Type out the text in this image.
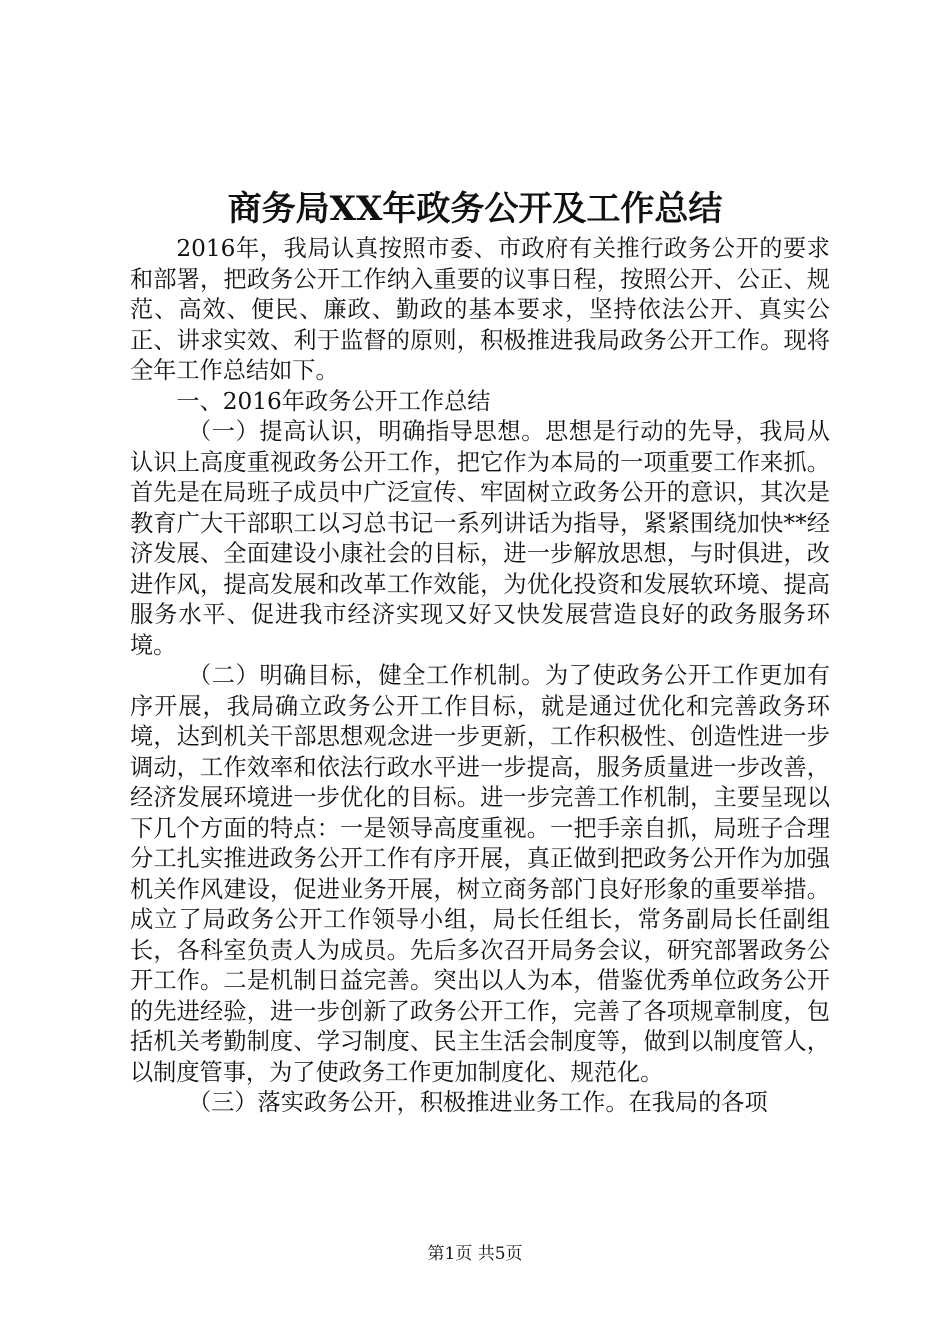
商务局XX年政务公开及工作总结

2016年，我局认真按照市委、市政府有关推行政务公开的要求和部署，把政务公开工作纳入重要的议事日程，按照公开、公正、规范、高效、便民、廉政、勤政的基本要求，坚持依法公开、真实公正、讲求实效、利于监督的原则，积极推进我局政务公开工作。现将全年工作总结如下。

一、2016年政务公开工作总结

（一）提高认识，明确指导思想。思想是行动的先导，我局从认识上高度重视政务公开工作，把它作为本局的一项重要工作来抓。首先是在局班子成员中广泛宣传、牢固树立政务公开的意识，其次是教育广大干部职工以习总书记一系列讲话为指导，紧紧围绕加快**经济发展、全面建设小康社会的目标，进一步解放思想，与时俱进，改进作风，提高发展和改革工作效能，为优化投资和发展软环境、提高服务水平、促进我市经济实现又好又快发展营造良好的政务服务环境。

（二）明确目标，健全工作机制。为了使政务公开工作更加有序开展，我局确立政务公开工作目标，就是通过优化和完善政务环境，达到机关干部思想观念进一步更新，工作积极性、创造性进一步调动，工作效率和依法行政水平进一步提高，服务质量进一步改善，经济发展环境进一步优化的目标。进一步完善工作机制，主要呈现以下几个方面的特点：一是领导高度重视。一把手亲自抓，局班子合理分工扎实推进政务公开工作有序开展，真正做到把政务公开作为加强机关作风建设，促进业务开展，树立商务部门良好形象的重要举措。成立了局政务公开工作领导小组，局长任组长，常务副局长任副组长，各科室负责人为成员。先后多次召开局务会议，研究部署政务公开工作。二是机制日益完善。突出以人为本，借鉴优秀单位政务公开的先进经验，进一步创新了政务公开工作，完善了各项规章制度，包括机关考勤制度、学习制度、民主生活会制度等，做到以制度管人，以制度管事，为了使政务工作更加制度化、规范化。

（三）落实政务公开，积极推进业务工作。在我局的各项

第1页 共5页
